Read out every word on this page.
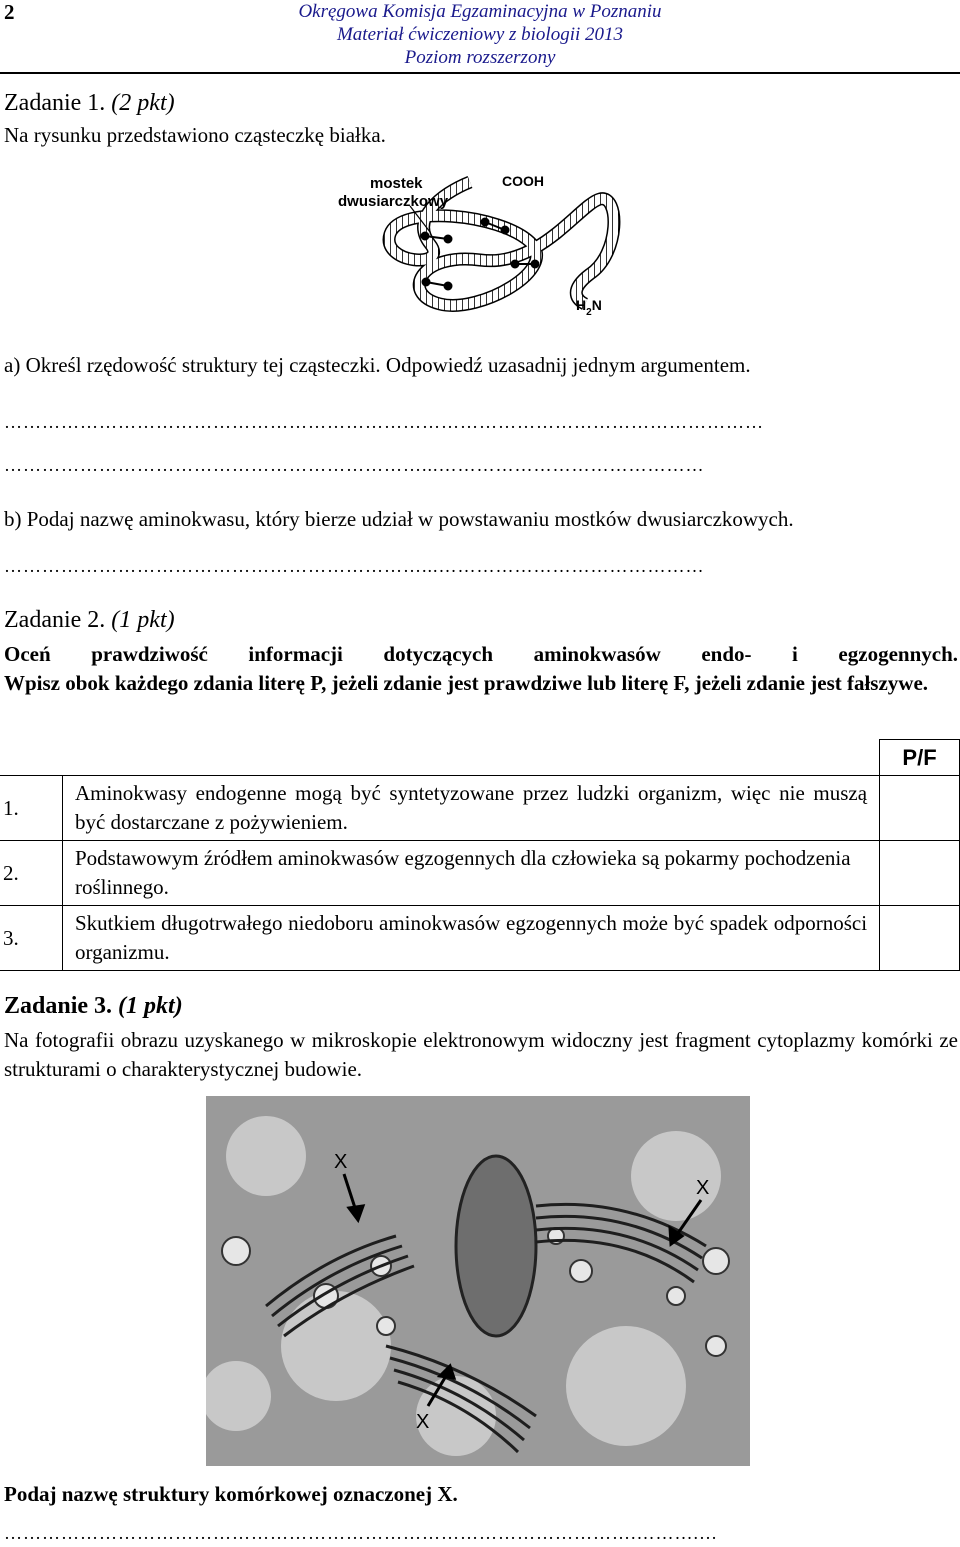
2	Okręgowa Komisja Egzaminacyjna w Poznaniu
Materiał ćwiczeniowy z biologii 2013
Poziom rozszerzony
Zadanie 1. (2 pkt)
Na rysunku przedstawiono cząsteczkę białka.
mostek
dwusiarczkowy
COOH
$H_2N$
a) Określ rzędowość struktury tej cząsteczki. Odpowiedź uzasadnij jednym argumentem.
…………………………………………………………………………………………………………
…………………………………………………………...……………………………………
b) Podaj nazwę aminokwasu, który bierze udział w powstawaniu mostków dwusiarczkowych.
…………………………………………………………...……………………………………
Zadanie 2. (1 pkt)
Oceń prawdziwość informacji dotyczących aminokwasów endo- i egzogennych.
Wpisz obok każdego zdania literę P, jeżeli zdanie jest prawdziwe lub literę F, jeżeli zdanie jest fałszywe.
		P/F
1.	Aminokwasy endogenne mogą być syntetyzowane przez ludzki organizm, więc nie muszą być dostarczane z pożywieniem.	
2.	Podstawowym źródłem aminokwasów egzogennych dla człowieka są pokarmy pochodzenia roślinnego.	
3.	Skutkiem długotrwałego niedoboru aminokwasów egzogennych może być spadek odporności organizmu.	
Zadanie 3. (1 pkt)
Na fotografii obrazu uzyskanego w mikroskopie elektronowym widoczny jest fragment cytoplazmy komórki ze strukturami o charakterystycznej budowie.
X
X
X
Podaj nazwę struktury komórkowej oznaczonej X.
……………………………………………………………………………………….……….…
